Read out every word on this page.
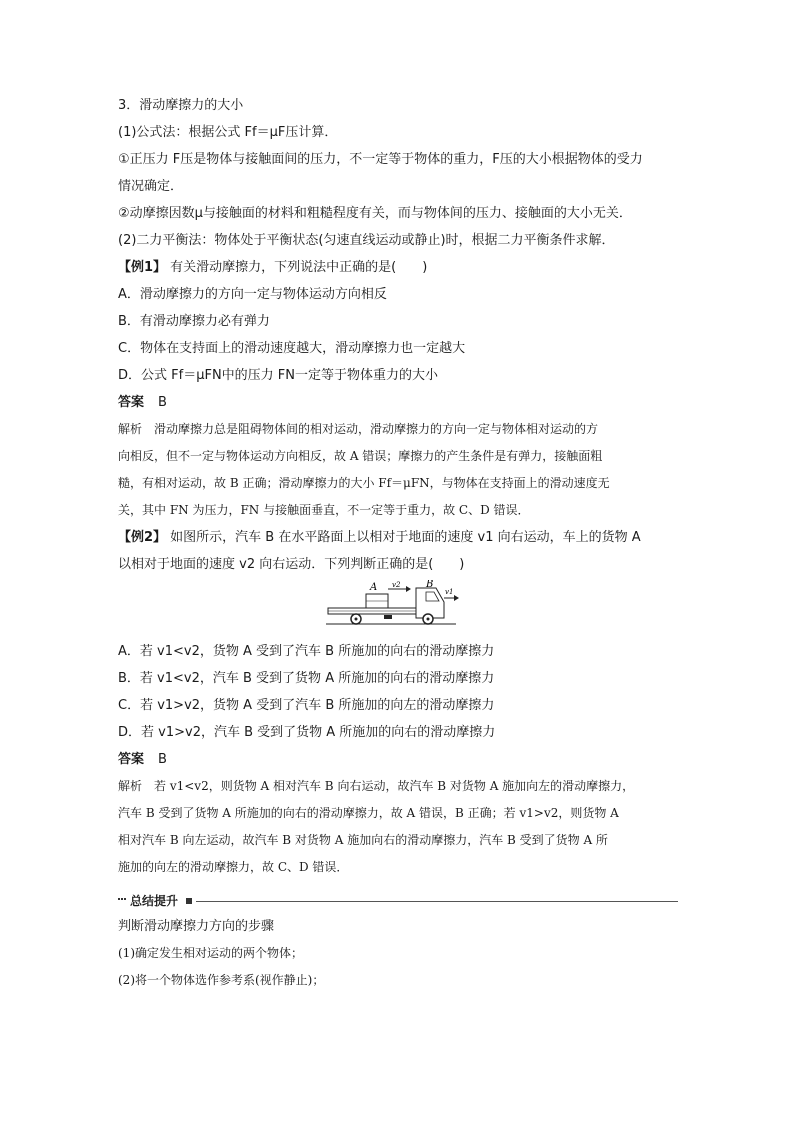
3．滑动摩擦力的大小
(1)公式法：根据公式 Ff＝μF压计算．
①正压力 F压是物体与接触面间的压力，不一定等于物体的重力，F压的大小根据物体的受力
情况确定．
②动摩擦因数μ与接触面的材料和粗糙程度有关，而与物体间的压力、接触面的大小无关．
(2)二力平衡法：物体处于平衡状态(匀速直线运动或静止)时，根据二力平衡条件求解．
【例1】 有关滑动摩擦力，下列说法中正确的是(　　)
A．滑动摩擦力的方向一定与物体运动方向相反
B．有滑动摩擦力必有弹力
C．物体在支持面上的滑动速度越大，滑动摩擦力也一定越大
D．公式 Ff＝μFN中的压力 FN一定等于物体重力的大小
答案 B
解析　滑动摩擦力总是阻碍物体间的相对运动，滑动摩擦力的方向一定与物体相对运动的方
向相反，但不一定与物体运动方向相反，故 A 错误；摩擦力的产生条件是有弹力，接触面粗
糙，有相对运动，故 B 正确；滑动摩擦力的大小 Ff＝μFN，与物体在支持面上的滑动速度无
关，其中 FN 为压力，FN 与接触面垂直，不一定等于重力，故 C、D 错误．
【例2】 如图所示，汽车 B 在水平路面上以相对于地面的速度 v1 向右运动，车上的货物 A
以相对于地面的速度 v2 向右运动．下列判断正确的是(　　)
A v2	B
v1
A．若 v1<v2，货物 A 受到了汽车 B 所施加的向右的滑动摩擦力
B．若 v1<v2，汽车 B 受到了货物 A 所施加的向右的滑动摩擦力
C．若 v1>v2，货物 A 受到了汽车 B 所施加的向左的滑动摩擦力
D．若 v1>v2，汽车 B 受到了货物 A 所施加的向右的滑动摩擦力
答案 B
解析　若 v1<v2，则货物 A 相对汽车 B 向右运动，故汽车 B 对货物 A 施加向左的滑动摩擦力，
汽车 B 受到了货物 A 所施加的向右的滑动摩擦力，故 A 错误，B 正确；若 v1>v2，则货物 A
相对汽车 B 向左运动，故汽车 B 对货物 A 施加向右的滑动摩擦力，汽车 B 受到了货物 A 所
施加的向左的滑动摩擦力，故 C、D 错误．
总结提升
判断滑动摩擦力方向的步骤
(1)确定发生相对运动的两个物体；
(2)将一个物体选作参考系(视作静止)；
